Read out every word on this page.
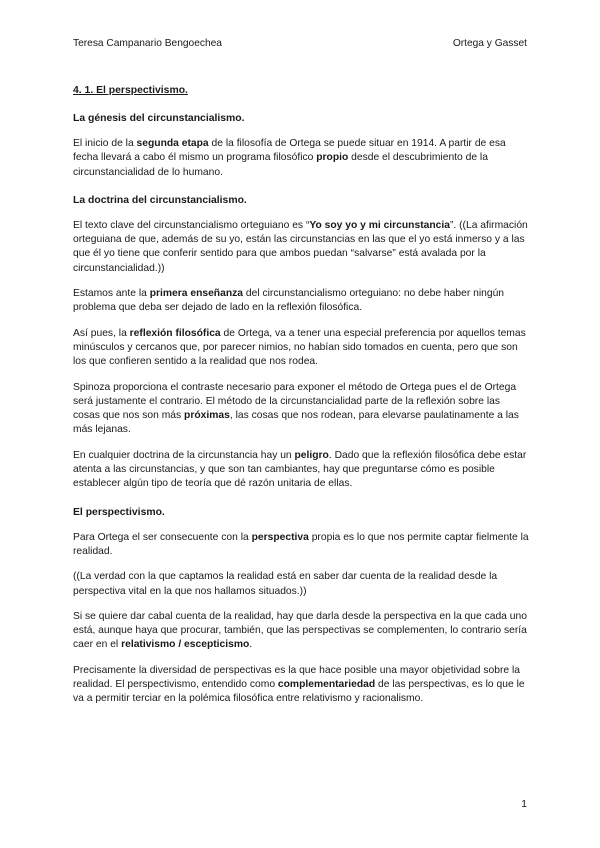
Teresa Campanario Bengoechea	Ortega y Gasset
4. 1. El perspectivismo.
La génesis del circunstancialismo.

El inicio de la segunda etapa de la filosofía de Ortega se puede situar en 1914. A partir de esa fecha llevará a cabo él mismo un programa filosófico propio desde el descubrimiento de la circunstancialidad de lo humano.

La doctrina del circunstancialismo.

El texto clave del circunstancialismo orteguiano es “Yo soy yo y mi circunstancia”. ((La afirmación orteguiana de que, además de su yo, están las circunstancias en las que el yo está inmerso y a las que él yo tiene que conferir sentido para que ambos puedan “salvarse” está avalada por la circunstancialidad.))

Estamos ante la primera enseñanza del circunstancialismo orteguiano: no debe haber ningún problema que deba ser dejado de lado en la reflexión filosófica.

Así pues, la reflexión filosófica de Ortega, va a tener una especial preferencia por aquellos temas minúsculos y cercanos que, por parecer nimios, no habían sido tomados en cuenta, pero que son los que confieren sentido a la realidad que nos rodea.

Spinoza proporciona el contraste necesario para exponer el método de Ortega pues el de Ortega será justamente el contrario. El método de la circunstancialidad parte de la reflexión sobre las cosas que nos son más próximas, las cosas que nos rodean, para elevarse paulatinamente a las más lejanas.

En cualquier doctrina de la circunstancia hay un peligro. Dado que la reflexión filosófica debe estar atenta a las circunstancias, y que son tan cambiantes, hay que preguntarse cómo es posible establecer algún tipo de teoría que dé razón unitaria de ellas.

El perspectivismo.

Para Ortega el ser consecuente con la perspectiva propia es lo que nos permite captar fielmente la realidad.

((La verdad con la que captamos la realidad está en saber dar cuenta de la realidad desde la perspectiva vital en la que nos hallamos situados.))

Si se quiere dar cabal cuenta de la realidad, hay que darla desde la perspectiva en la que cada uno está, aunque haya que procurar, también, que las perspectivas se complementen, lo contrario sería caer en el relativismo / escepticismo.

Precisamente la diversidad de perspectivas es la que hace posible una mayor objetividad sobre la realidad. El perspectivismo, entendido como complementariedad de las perspectivas, es lo que le va a permitir terciar en la polémica filosófica entre relativismo y racionalismo.

1
